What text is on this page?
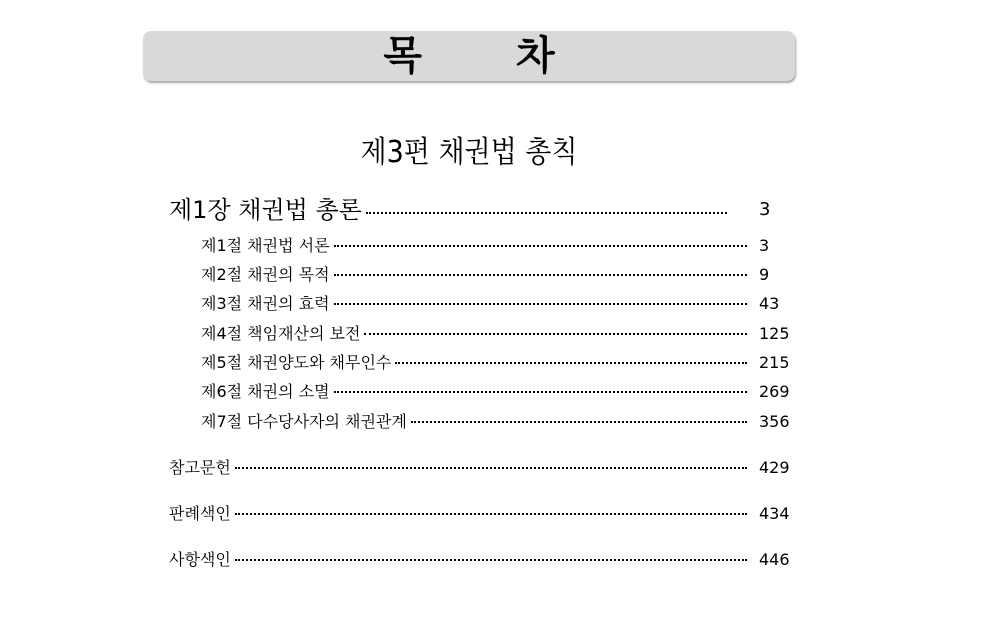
목 차
제3편 채권법 총칙
제1장 채권법 총론	3
제1절 채권법 서론	3
제2절 채권의 목적	9
제3절 채권의 효력	43
제4절 책임재산의 보전	125
제5절 채권양도와 채무인수	215
제6절 채권의 소멸	269
제7절 다수당사자의 채권관계	356
참고문헌	429
판례색인	434
사항색인	446
